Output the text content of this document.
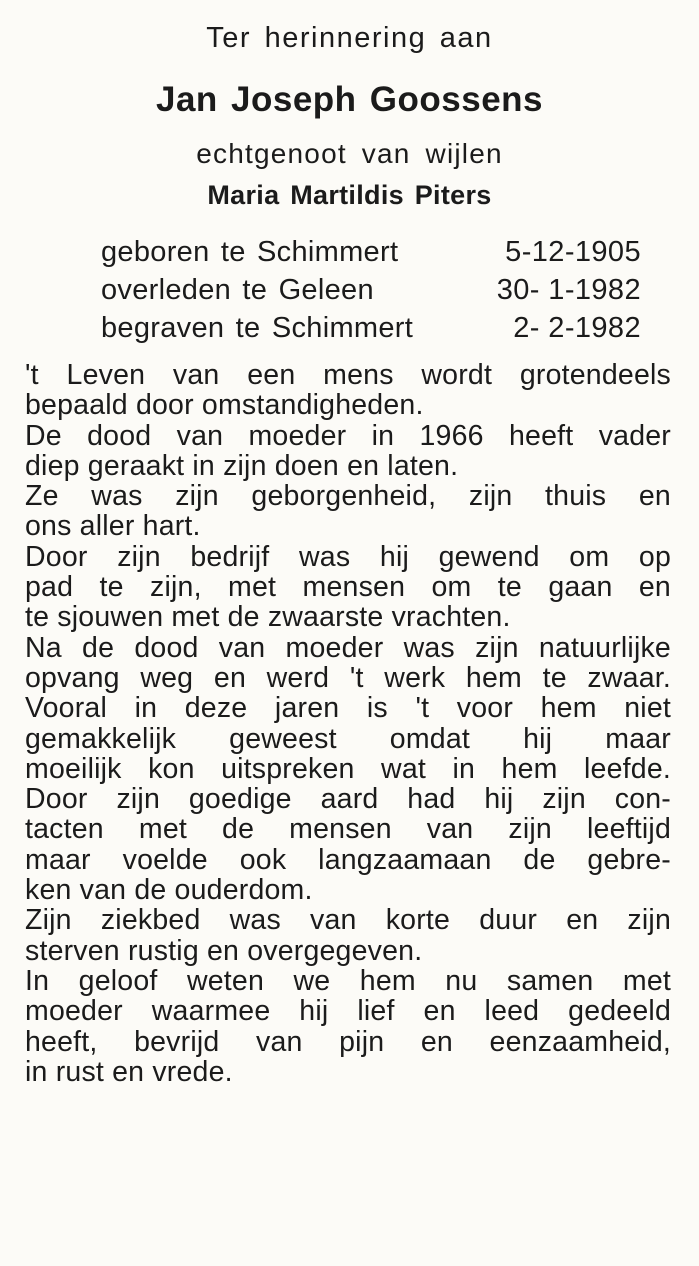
Ter herinnering aan
Jan Joseph Goossens
echtgenoot van wijlen
Maria Martildis Piters
geboren te Schimmert	5-12-1905
overleden te Geleen	30- 1-1982
begraven te Schimmert	2- 2-1982
't Leven van een mens wordt grotendeels
bepaald door omstandigheden.
De dood van moeder in 1966 heeft vader
diep geraakt in zijn doen en laten.
Ze was zijn geborgenheid, zijn thuis en
ons aller hart.
Door zijn bedrijf was hij gewend om op
pad te zijn, met mensen om te gaan en
te sjouwen met de zwaarste vrachten.
Na de dood van moeder was zijn natuurlijke
opvang weg en werd 't werk hem te zwaar.
Vooral in deze jaren is 't voor hem niet
gemakkelijk geweest omdat hij maar
moeilijk kon uitspreken wat in hem leefde.
Door zijn goedige aard had hij zijn con-
tacten met de mensen van zijn leeftijd
maar voelde ook langzaamaan de gebre-
ken van de ouderdom.
Zijn ziekbed was van korte duur en zijn
sterven rustig en overgegeven.
In geloof weten we hem nu samen met
moeder waarmee hij lief en leed gedeeld
heeft, bevrijd van pijn en eenzaamheid,
in rust en vrede.
